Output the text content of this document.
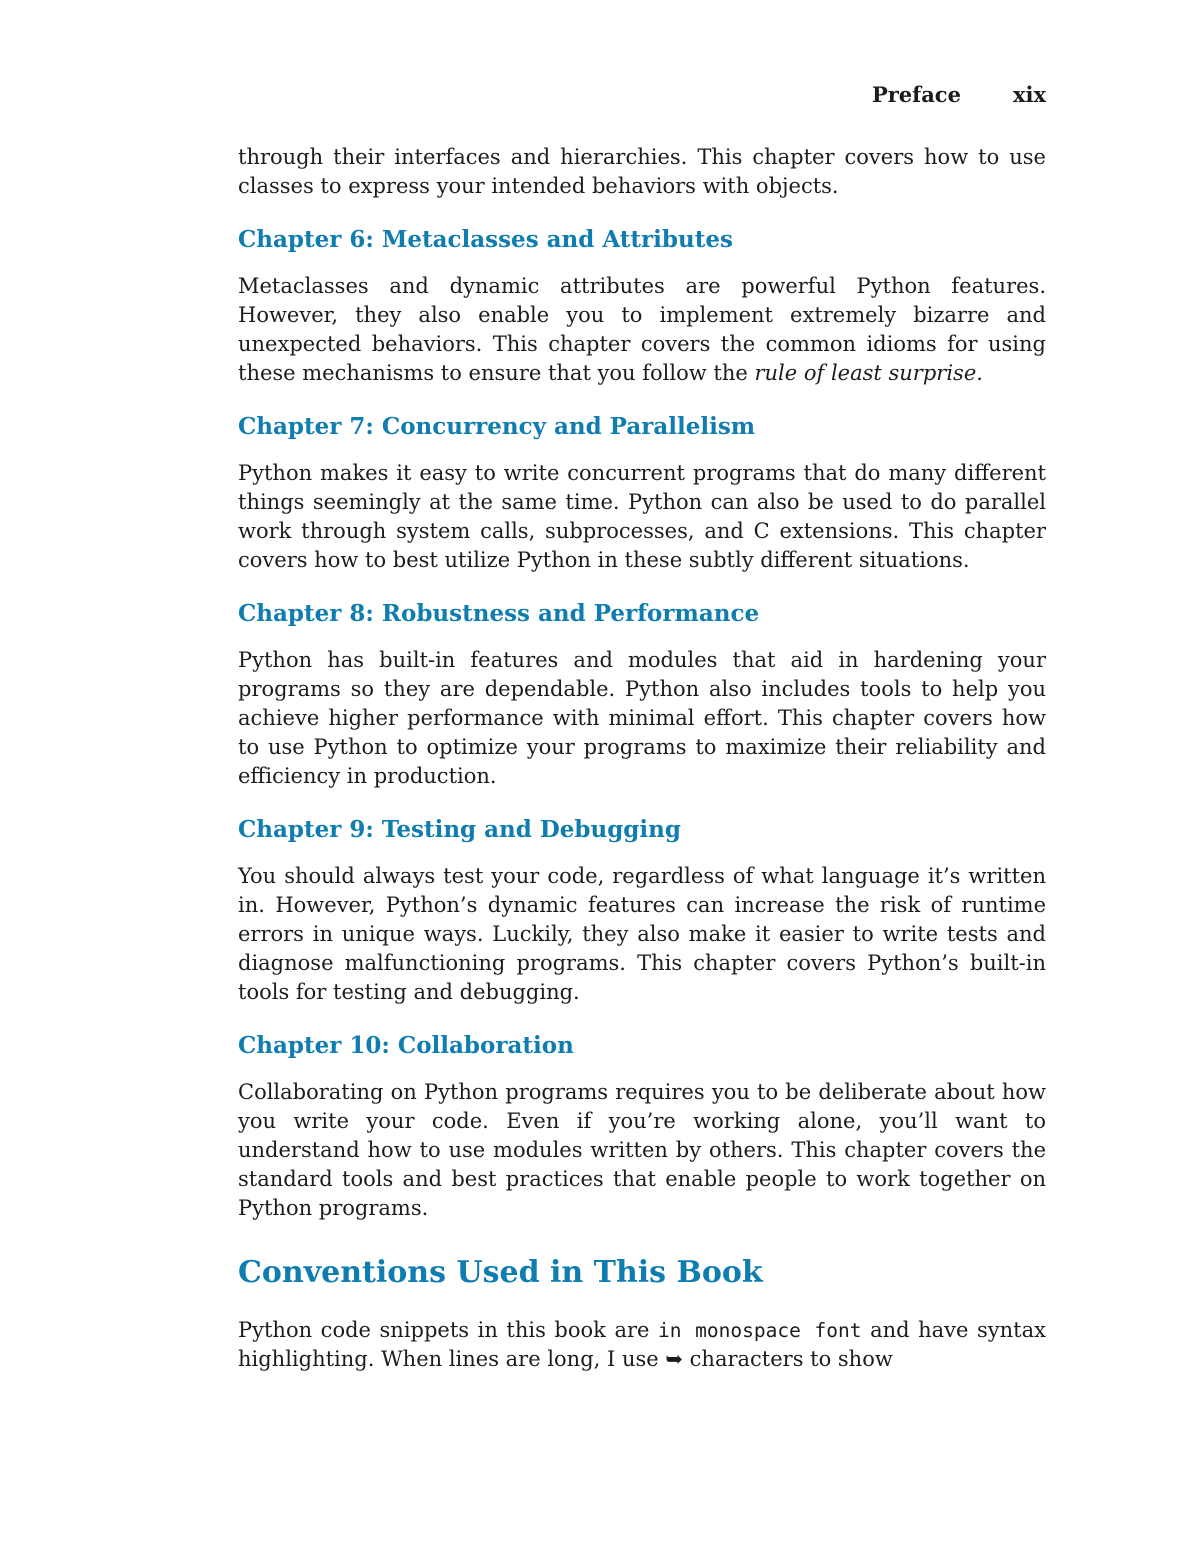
Preface xix

through their interfaces and hierarchies. This chapter covers how to use classes to express your intended behaviors with objects.

Chapter 6: Metaclasses and Attributes

Metaclasses and dynamic attributes are powerful Python features. However, they also enable you to implement extremely bizarre and unexpected behaviors. This chapter covers the common idioms for using these mechanisms to ensure that you follow the rule of least surprise.

Chapter 7: Concurrency and Parallelism

Python makes it easy to write concurrent programs that do many different things seemingly at the same time. Python can also be used to do parallel work through system calls, subprocesses, and C extensions. This chapter covers how to best utilize Python in these subtly different situations.

Chapter 8: Robustness and Performance

Python has built-in features and modules that aid in hardening your programs so they are dependable. Python also includes tools to help you achieve higher performance with minimal effort. This chapter covers how to use Python to optimize your programs to maximize their reliability and efficiency in production.

Chapter 9: Testing and Debugging

You should always test your code, regardless of what language it’s written in. However, Python’s dynamic features can increase the risk of runtime errors in unique ways. Luckily, they also make it easier to write tests and diagnose malfunctioning programs. This chapter covers Python’s built-in tools for testing and debugging.

Chapter 10: Collaboration

Collaborating on Python programs requires you to be deliberate about how you write your code. Even if you’re working alone, you’ll want to understand how to use modules written by others. This chapter covers the standard tools and best practices that enable people to work together on Python programs.

Conventions Used in This Book

Python code snippets in this book are in monospace font and have syntax highlighting. When lines are long, I use ➥ characters to show
